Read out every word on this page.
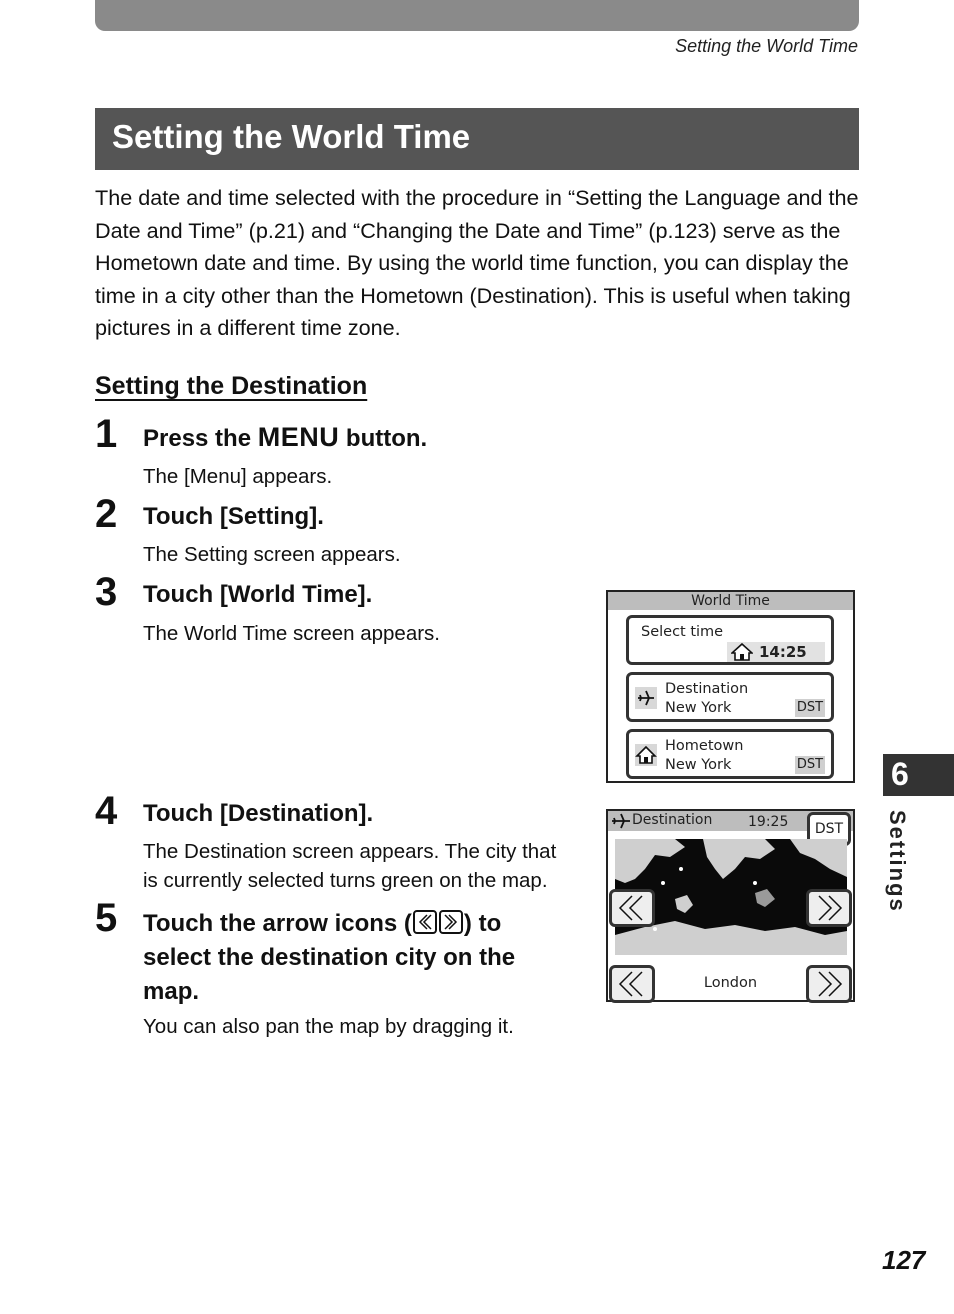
Setting the World Time
Setting the World Time
The date and time selected with the procedure in “Setting the Language and the Date and Time” (p.21) and “Changing the Date and Time” (p.123) serve as the Hometown date and time. By using the world time function, you can display the time in a city other than the Hometown (Destination). This is useful when taking pictures in a different time zone.
Setting the Destination
1 Press the MENU button.
The [Menu] appears.
2 Touch [Setting].
The Setting screen appears.
3 Touch [World Time].
The World Time screen appears.
4 Touch [Destination].
The Destination screen appears. The city that
is currently selected turns green on the map.
5 Touch the arrow icons ( ) to
select the destination city on the
map.
You can also pan the map by dragging it.
World Time
Select time
14:25
Destination
New York	DST
Hometown
New York	DST
Destination	19:25	DST
London
6
Settings
127
